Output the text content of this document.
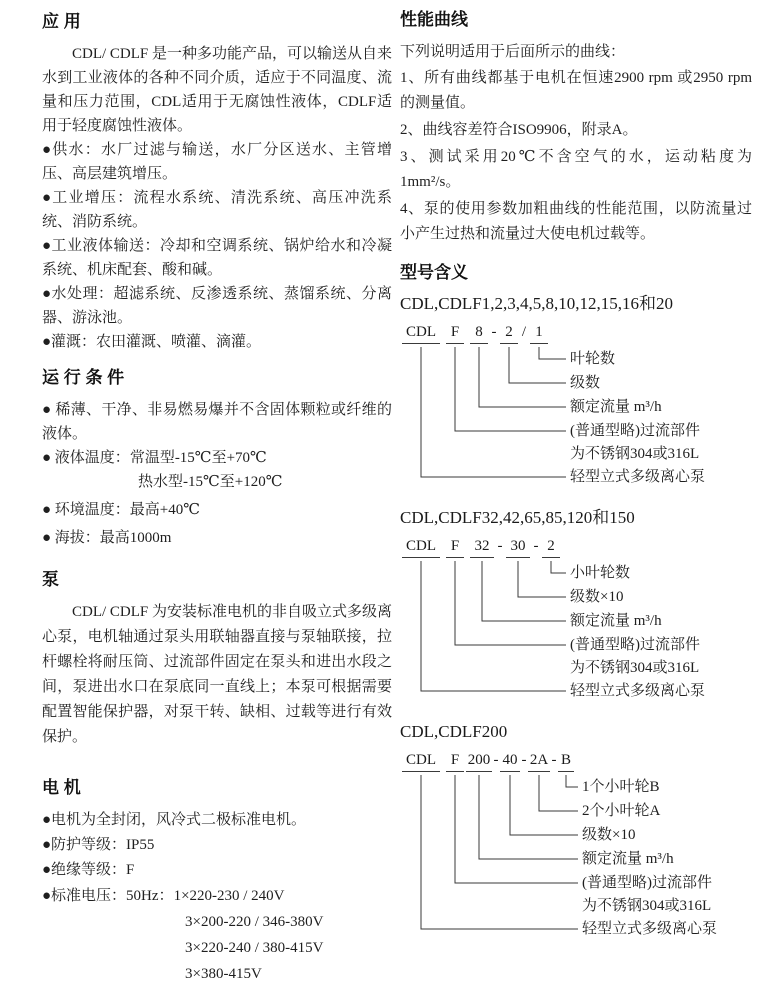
应 用

CDL/ CDLF 是一种多功能产品，可以输送从自来水到工业液体的各种不同介质，适应于不同温度、流量和压力范围，CDL适用于无腐蚀性液体，CDLF适用于轻度腐蚀性液体。

●供水：水厂过滤与输送，水厂分区送水、主管增压、高层建筑增压。

●工业增压：流程水系统、清洗系统、高压冲洗系统、消防系统。

●工业液体输送：冷却和空调系统、锅炉给水和冷凝系统、机床配套、酸和碱。

●水处理：超滤系统、反渗透系统、蒸馏系统、分离器、游泳池。

●灌溉：农田灌溉、喷灌、滴灌。

运 行 条 件

● 稀薄、干净、非易燃易爆并不含固体颗粒或纤维的液体。

● 液体温度：常温型-15℃至+70℃

热水型-15℃至+120℃

● 环境温度：最高+40℃

● 海拔：最高1000m

泵

CDL/ CDLF 为安装标准电机的非自吸立式多级离心泵，电机轴通过泵头用联轴器直接与泵轴联接，拉杆螺栓将耐压筒、过流部件固定在泵头和进出水段之间，泵进出水口在泵底同一直线上；本泵可根据需要配置智能保护器，对泵干转、缺相、过载等进行有效保护。

电 机

●电机为全封闭，风冷式二极标准电机。

●防护等级：IP55

●绝缘等级：F

●标准电压：50Hz：1×220-230 / 240V

3×200-220 / 346-380V

3×220-240 / 380-415V

3×380-415V

性能曲线

下列说明适用于后面所示的曲线：

1、所有曲线都基于电机在恒速2900 rpm 或2950 rpm 的测量值。

2、曲线容差符合ISO9906，附录A。

3、测试采用20℃不含空气的水，运动粘度为1mm²/s。

4、泵的使用参数加粗曲线的性能范围，以防流量过小产生过热和流量过大使电机过载等。

型号含义
CDL,CDLF1,2,3,4,5,8,10,12,15,16和20
CDL F	8 - 2 / 1
叶轮数
级数
额定流量 m³/h
(普通型略)过流部件
为不锈钢304或316L
轻型立式多级离心泵
CDL,CDLF32,42,65,85,120和150
CDL F	32 - 30 - 2
小叶轮数
级数×10
额定流量 m³/h
(普通型略)过流部件
为不锈钢304或316L
轻型立式多级离心泵
CDL,CDLF200
CDL F 200 - 40 - 2A - B
1个小叶轮B
2个小叶轮A
级数×10
额定流量 m³/h
(普通型略)过流部件
为不锈钢304或316L
轻型立式多级离心泵
